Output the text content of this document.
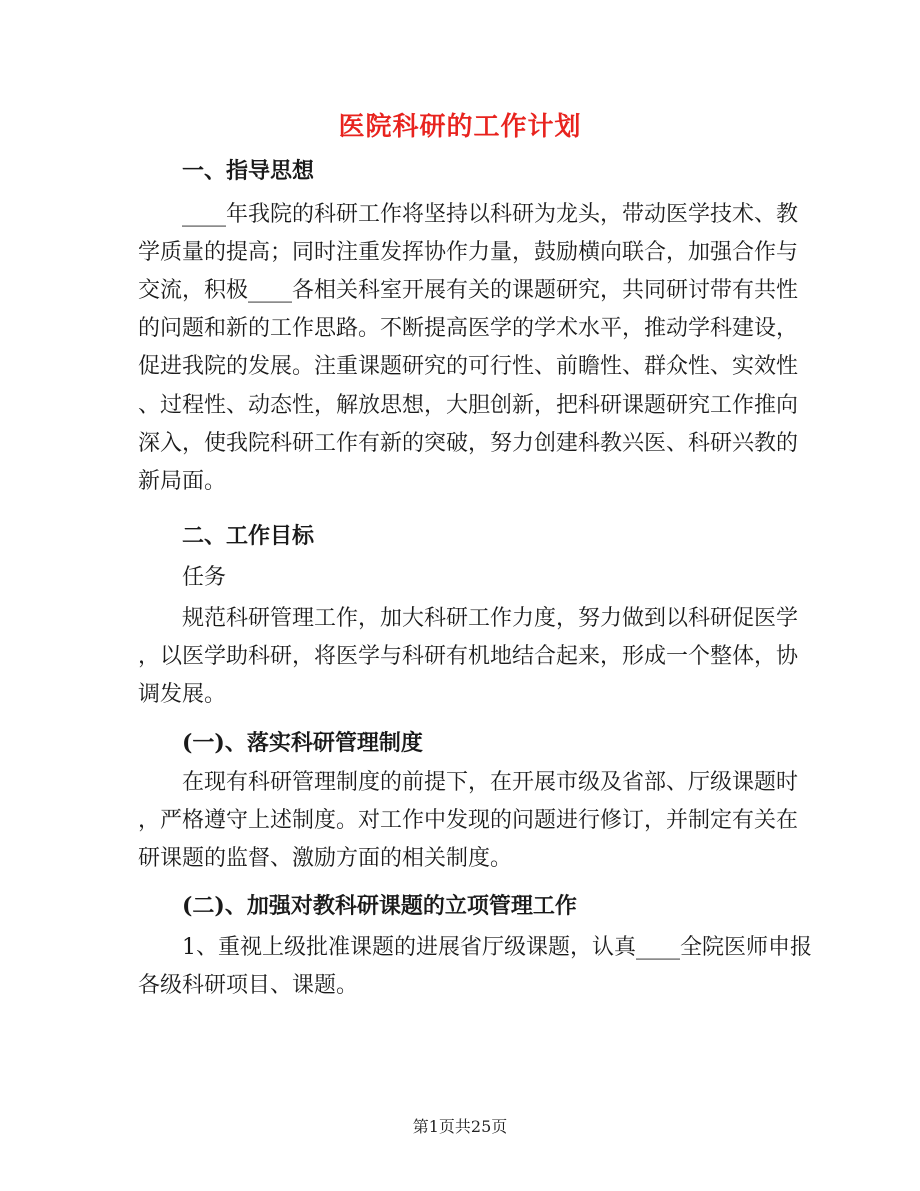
医院科研的工作计划
一、指导思想
____年我院的科研工作将坚持以科研为龙头，带动医学技术、教
学质量的提高；同时注重发挥协作力量，鼓励横向联合，加强合作与
交流，积极____各相关科室开展有关的课题研究，共同研讨带有共性
的问题和新的工作思路。不断提高医学的学术水平，推动学科建设，
促进我院的发展。注重课题研究的可行性、前瞻性、群众性、实效性
、过程性、动态性，解放思想，大胆创新，把科研课题研究工作推向
深入，使我院科研工作有新的突破，努力创建科教兴医、科研兴教的
新局面。
二、工作目标
任务
规范科研管理工作，加大科研工作力度，努力做到以科研促医学
，以医学助科研，将医学与科研有机地结合起来，形成一个整体，协
调发展。
(一)、落实科研管理制度
在现有科研管理制度的前提下，在开展市级及省部、厅级课题时
，严格遵守上述制度。对工作中发现的问题进行修订，并制定有关在
研课题的监督、激励方面的相关制度。
(二)、加强对教科研课题的立项管理工作
1、重视上级批准课题的进展省厅级课题，认真____全院医师申报
各级科研项目、课题。
第1页共25页
